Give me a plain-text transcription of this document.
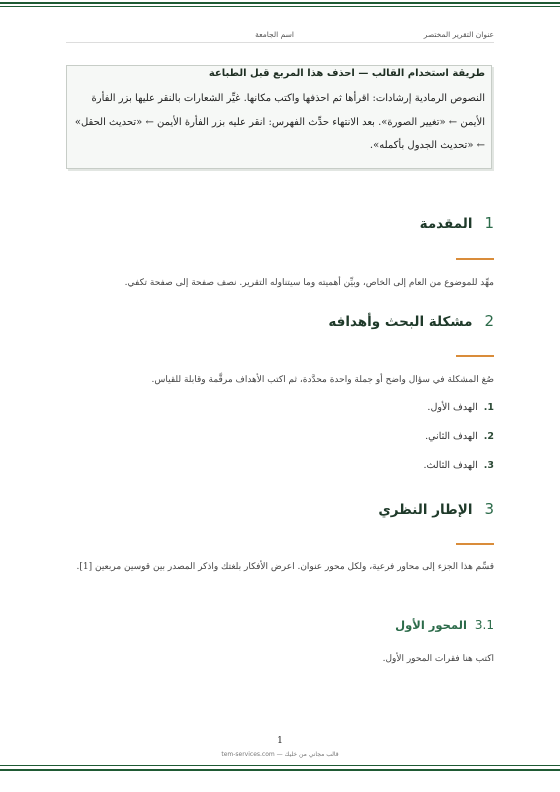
عنوان التقرير المختصر
اسم الجامعة

طريقة استخدام القالب — احذف هذا المربع قبل الطباعة

النصوص الرمادية إرشادات: اقرأها ثم احذفها واكتب مكانها. غيِّر الشعارات بالنقر عليها بزر الفأرة الأيمن ← «تغيير الصورة». بعد الانتهاء حدِّث الفهرس: انقر عليه بزر الفأرة الأيمن ← «تحديث الحقل» ← «تحديث الجدول بأكمله».

1المقدمة

مهِّد للموضوع من العام إلى الخاص، وبيِّن أهميته وما سيتناوله التقرير. نصف صفحة إلى صفحة تكفي.

2مشكلة البحث وأهدافه

صُغ المشكلة في سؤال واضح أو جملة واحدة محدَّدة، ثم اكتب الأهداف مرقَّمة وقابلة للقياس.

1.الهدف الأول.
2.الهدف الثاني.
3.الهدف الثالث.
3الإطار النظري

قسِّم هذا الجزء إلى محاور فرعية، ولكل محور عنوان. اعرض الأفكار بلغتك واذكر المصدر بين قوسين مربعين [1].

3.1المحور الأول

اكتب هنا فقرات المحور الأول.

1
قالب مجاني من خليك — tem-services.com
